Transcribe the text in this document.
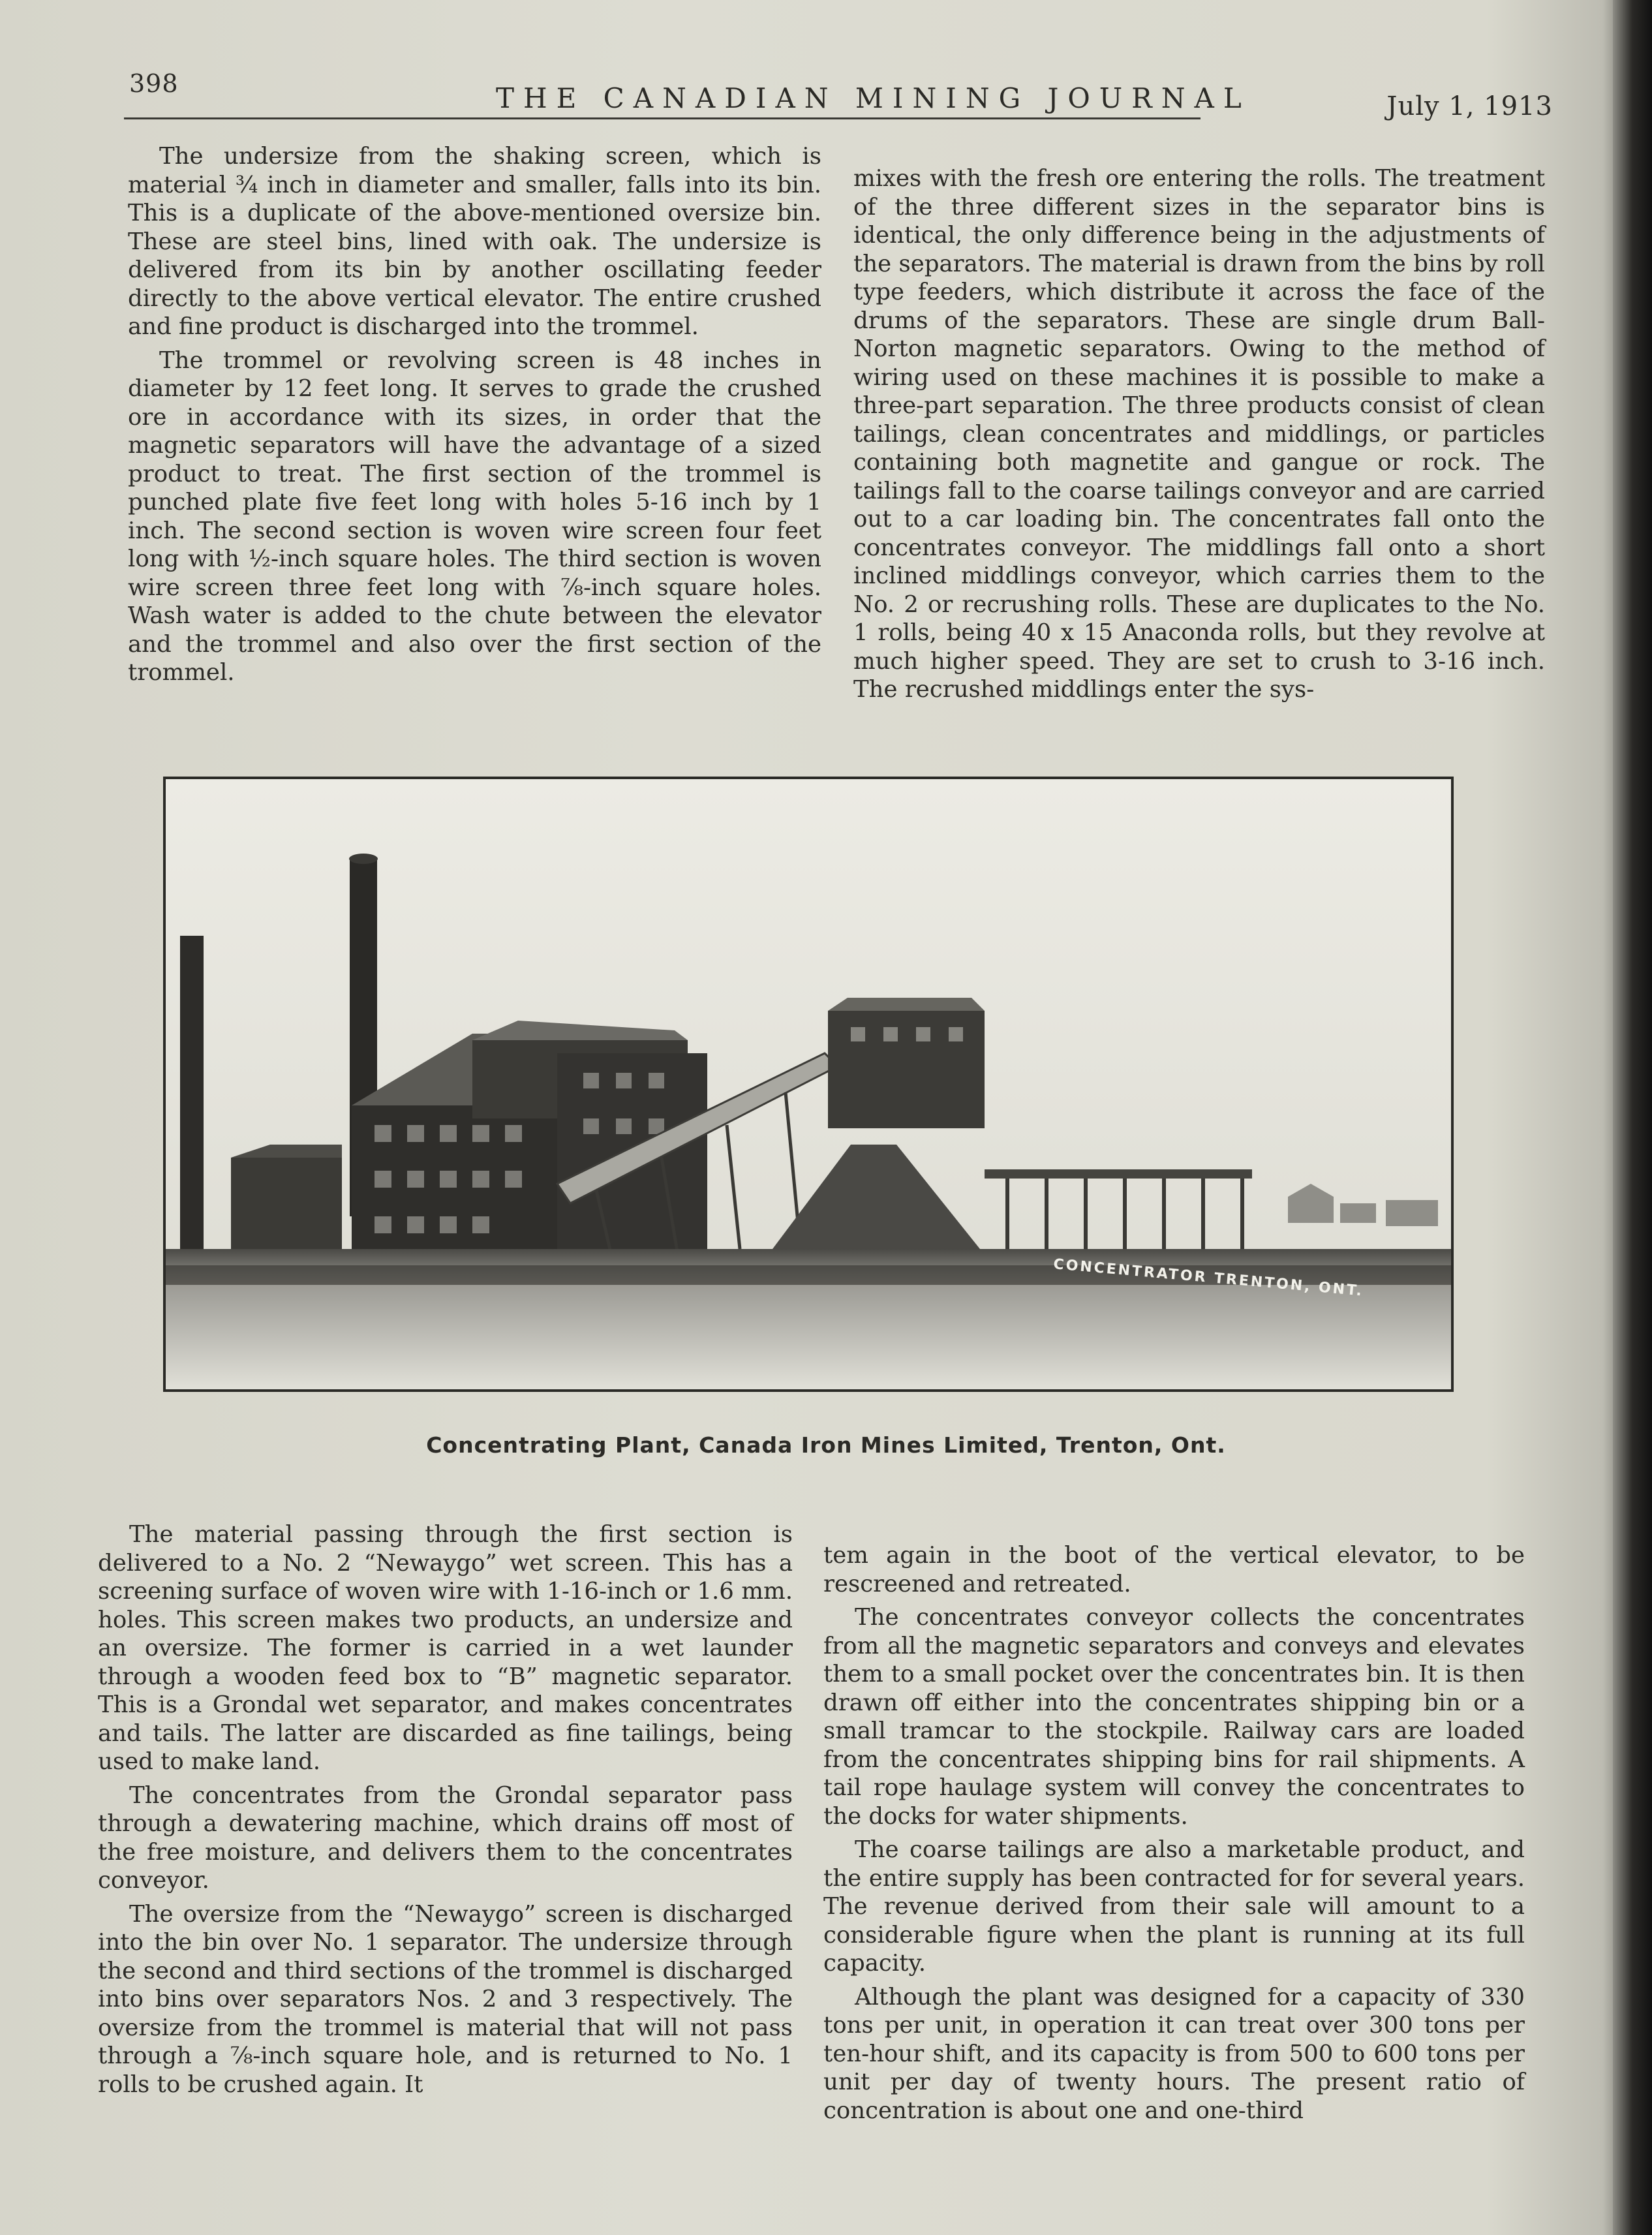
398	THE CANADIAN MINING JOURNAL	July 1, 1913

The undersize from the shaking screen, which is material ¾ inch in diameter and smaller, falls into its bin. This is a duplicate of the above-mentioned oversize bin. These are steel bins, lined with oak. The undersize is delivered from its bin by another oscillating feeder directly to the above vertical elevator. The entire crushed and fine product is discharged into the trommel.

The trommel or revolving screen is 48 inches in diameter by 12 feet long. It serves to grade the crushed ore in accordance with its sizes, in order that the magnetic separators will have the advantage of a sized product to treat. The first section of the trommel is punched plate five feet long with holes 5-16 inch by 1 inch. The second section is woven wire screen four feet long with ½-inch square holes. The third section is woven wire screen three feet long with ⅞-inch square holes. Wash water is added to the chute between the elevator and the trommel and also over the first section of the trommel.

mixes with the fresh ore entering the rolls. The treatment of the three different sizes in the separator bins is identical, the only difference being in the adjustments of the separators. The material is drawn from the bins by roll type feeders, which distribute it across the face of the drums of the separators. These are single drum Ball-Norton magnetic separators. Owing to the method of wiring used on these machines it is possible to make a three-part separation. The three products consist of clean tailings, clean concentrates and middlings, or particles containing both magnetite and gangue or rock. The tailings fall to the coarse tailings conveyor and are carried out to a car loading bin. The concentrates fall onto the concentrates conveyor. The middlings fall onto a short inclined middlings conveyor, which carries them to the No. 2 or recrushing rolls. These are duplicates to the No. 1 rolls, being 40 x 15 Anaconda rolls, but they revolve at much higher speed. They are set to crush to 3-16 inch. The recrushed middlings enter the sys-

CONCENTRATOR TRENTON, ONT.
Concentrating Plant, Canada Iron Mines Limited, Trenton, Ont.

The material passing through the first section is delivered to a No. 2 “Newaygo” wet screen. This has a screening surface of woven wire with 1-16-inch or 1.6 mm. holes. This screen makes two products, an undersize and an oversize. The former is carried in a wet launder through a wooden feed box to “B” magnetic separator. This is a Grondal wet separator, and makes concentrates and tails. The latter are discarded as fine tailings, being used to make land.

The concentrates from the Grondal separator pass through a dewatering machine, which drains off most of the free moisture, and delivers them to the concentrates conveyor.

The oversize from the “Newaygo” screen is discharged into the bin over No. 1 separator. The undersize through the second and third sections of the trommel is discharged into bins over separators Nos. 2 and 3 respectively. The oversize from the trommel is material that will not pass through a ⅞-inch square hole, and is returned to No. 1 rolls to be crushed again. It

tem again in the boot of the vertical elevator, to be rescreened and retreated.

The concentrates conveyor collects the concentrates from all the magnetic separators and conveys and elevates them to a small pocket over the concentrates bin. It is then drawn off either into the concentrates shipping bin or a small tramcar to the stockpile. Railway cars are loaded from the concentrates shipping bins for rail shipments. A tail rope haulage system will convey the concentrates to the docks for water shipments.

The coarse tailings are also a marketable product, and the entire supply has been contracted for for several years. The revenue derived from their sale will amount to a considerable figure when the plant is running at its full capacity.

Although the plant was designed for a capacity of 330 tons per unit, in operation it can treat over 300 tons per ten-hour shift, and its capacity is from 500 to 600 tons per unit per day of twenty hours. The present ratio of concentration is about one and one-third
